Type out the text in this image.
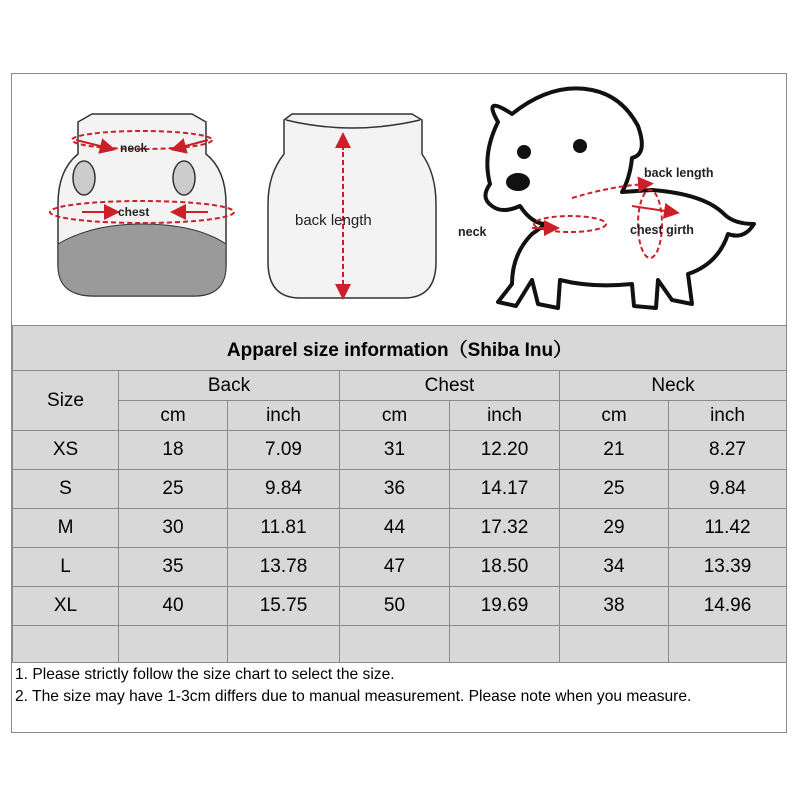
neck
chest	back length
back length
neck	chest girth
Apparel size information（Shiba Inu）						
Size	Back		Chest		Neck	
	cm	inch	cm	inch	cm	inch
XS	18	7.09	31	12.20	21	8.27
S	25	9.84	36	14.17	25	9.84
M	30	11.81	44	17.32	29	11.42
L	35	13.78	47	18.50	34	13.39
XL	40	15.75	50	19.69	38	14.96

1. Please strictly follow the size chart to select the size.
2. The size may have 1-3cm differs due to manual measurement. Please note when you measure.
